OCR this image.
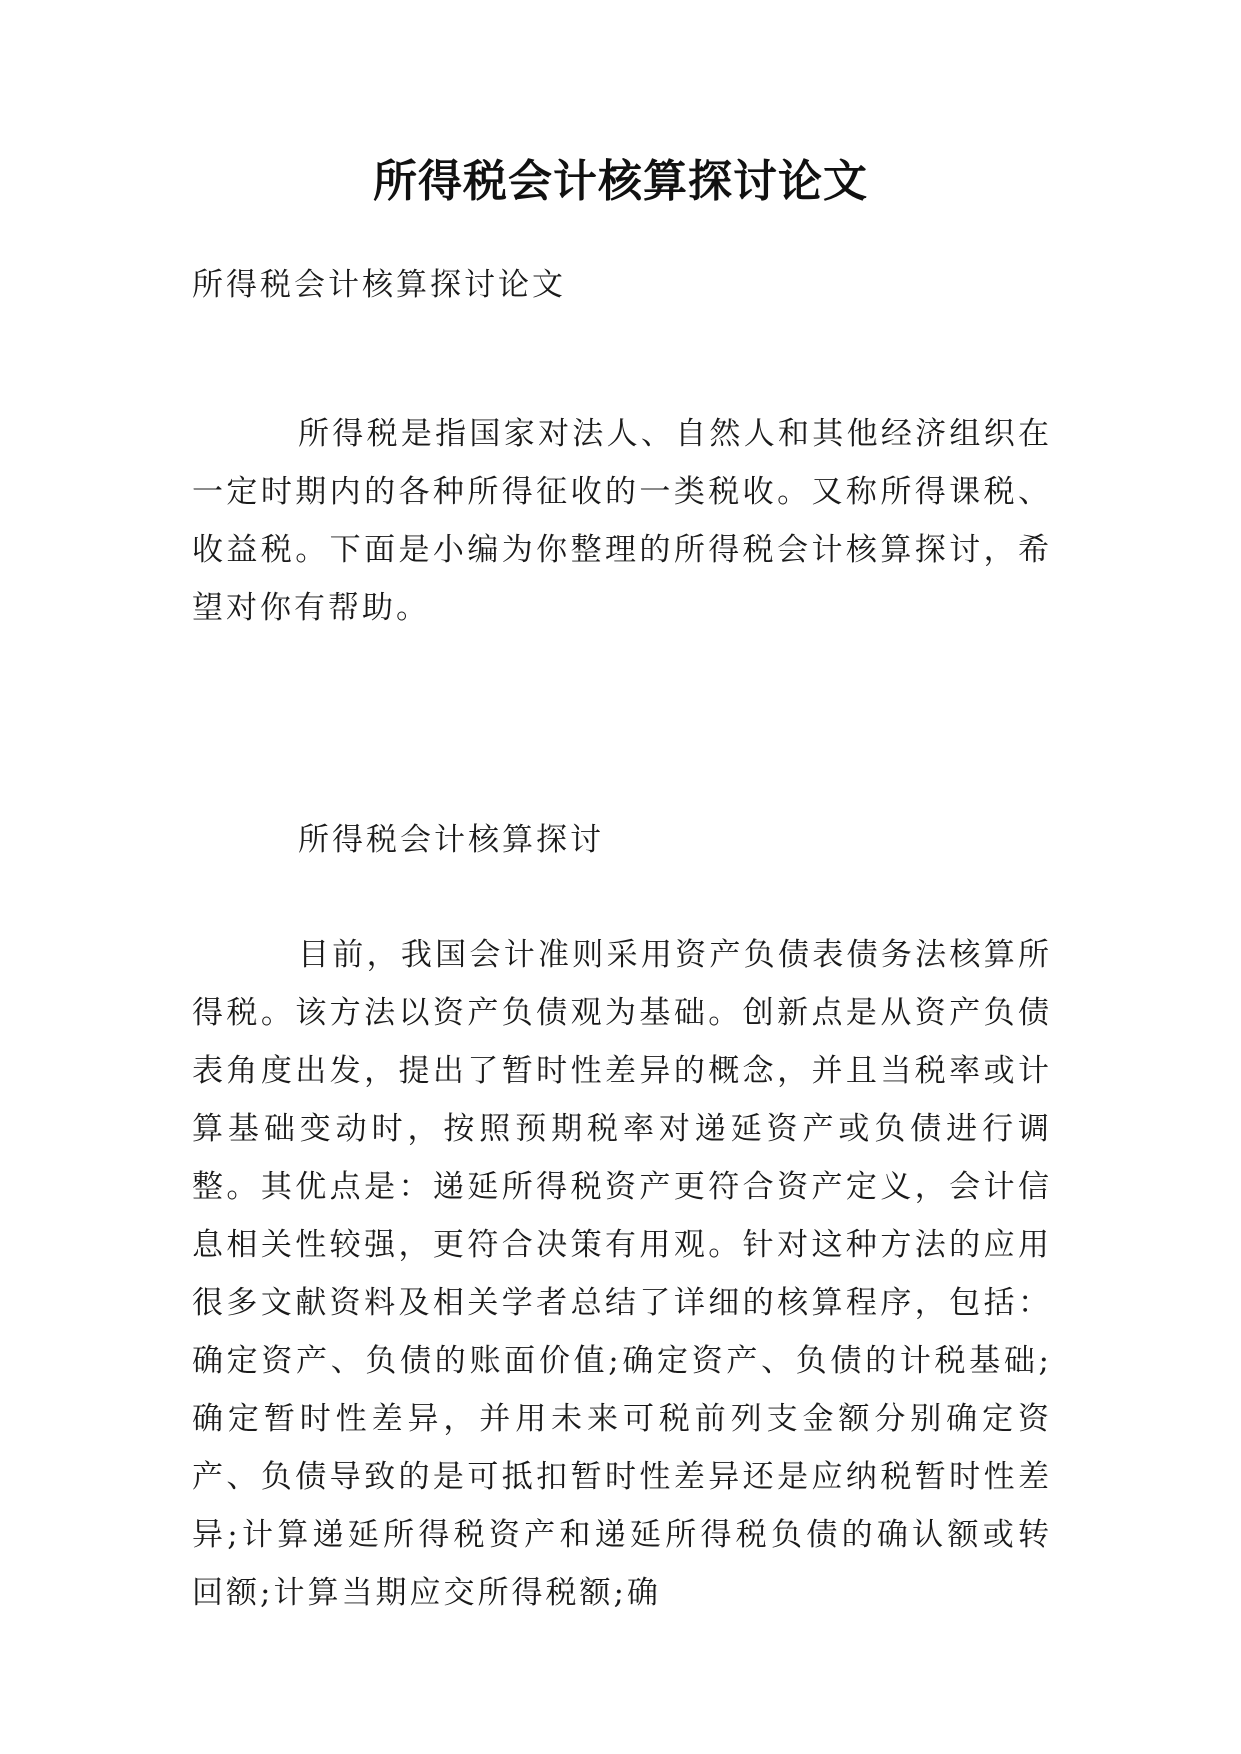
所得税会计核算探讨论文
所得税会计核算探讨论文
所得税是指国家对法人、自然人和其他经济组织在一定时期内的各种所得征收的一类税收。又称所得课税、收益税。下面是小编为你整理的所得税会计核算探讨，希望对你有帮助。
所得税会计核算探讨
目前，我国会计准则采用资产负债表债务法核算所得税。该方法以资产负债观为基础。创新点是从资产负债表角度出发，提出了暂时性差异的概念，并且当税率或计算基础变动时，按照预期税率对递延资产或负债进行调整。其优点是：递延所得税资产更符合资产定义，会计信息相关性较强，更符合决策有用观。针对这种方法的应用很多文献资料及相关学者总结了详细的核算程序，包括：确定资产、负债的账面价值;确定资产、负债的计税基础;确定暂时性差异，并用未来可税前列支金额分别确定资产、负债导致的是可抵扣暂时性差异还是应纳税暂时性差异;计算递延所得税资产和递延所得税负债的确认额或转回额;计算当期应交所得税额;确
